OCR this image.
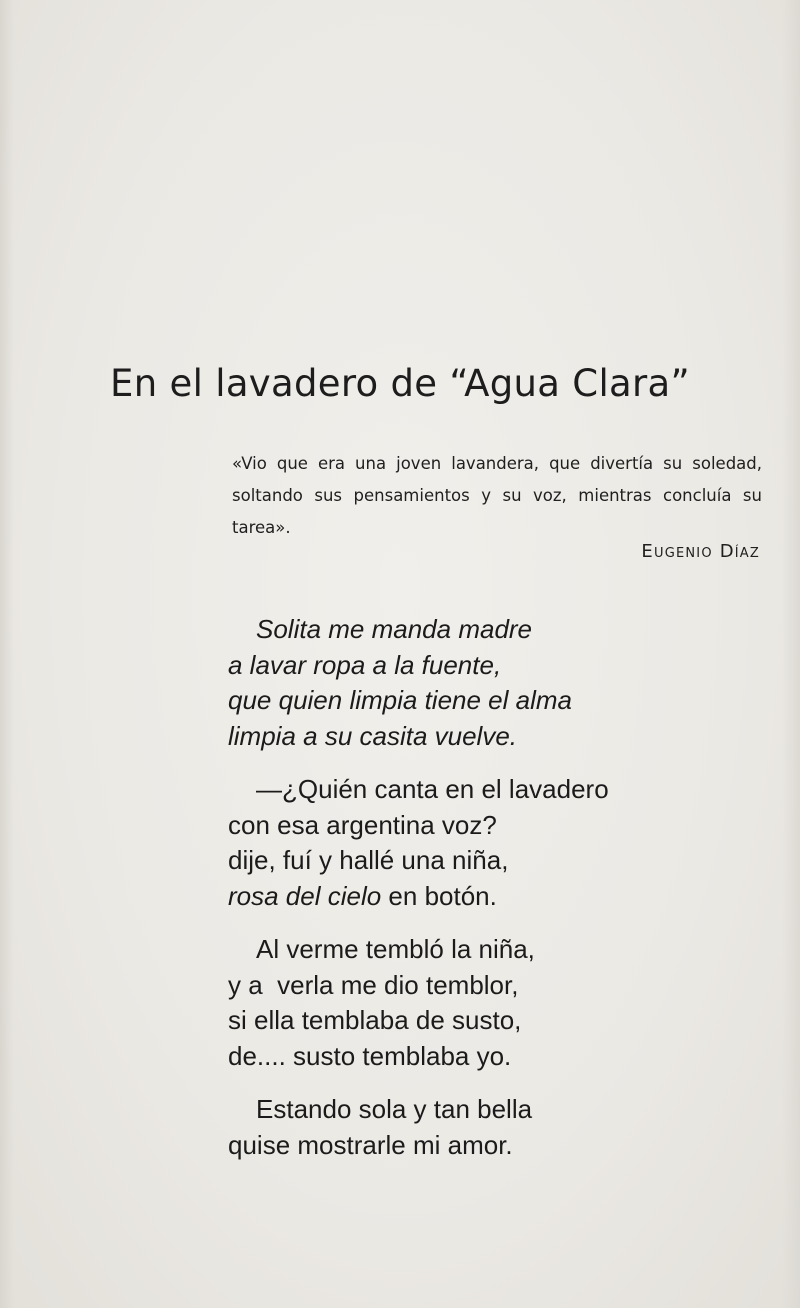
En el lavadero de “Agua Clara”
«Vio que era una joven lavandera, que divertía su soledad, soltando sus pensamientos y su voz, mientras concluía su tarea».
Eugenio Díaz
Solita me manda madre
a lavar ropa a la fuente,
que quien limpia tiene el alma
limpia a su casita vuelve.
—¿Quién canta en el lavadero
con esa argentina voz?
dije, fuí y hallé una niña,
rosa del cielo en botón.
Al verme tembló la niña,
y a  verla me dio temblor,
si ella temblaba de susto,
de.... susto temblaba yo.
Estando sola y tan bella
quise mostrarle mi amor.
